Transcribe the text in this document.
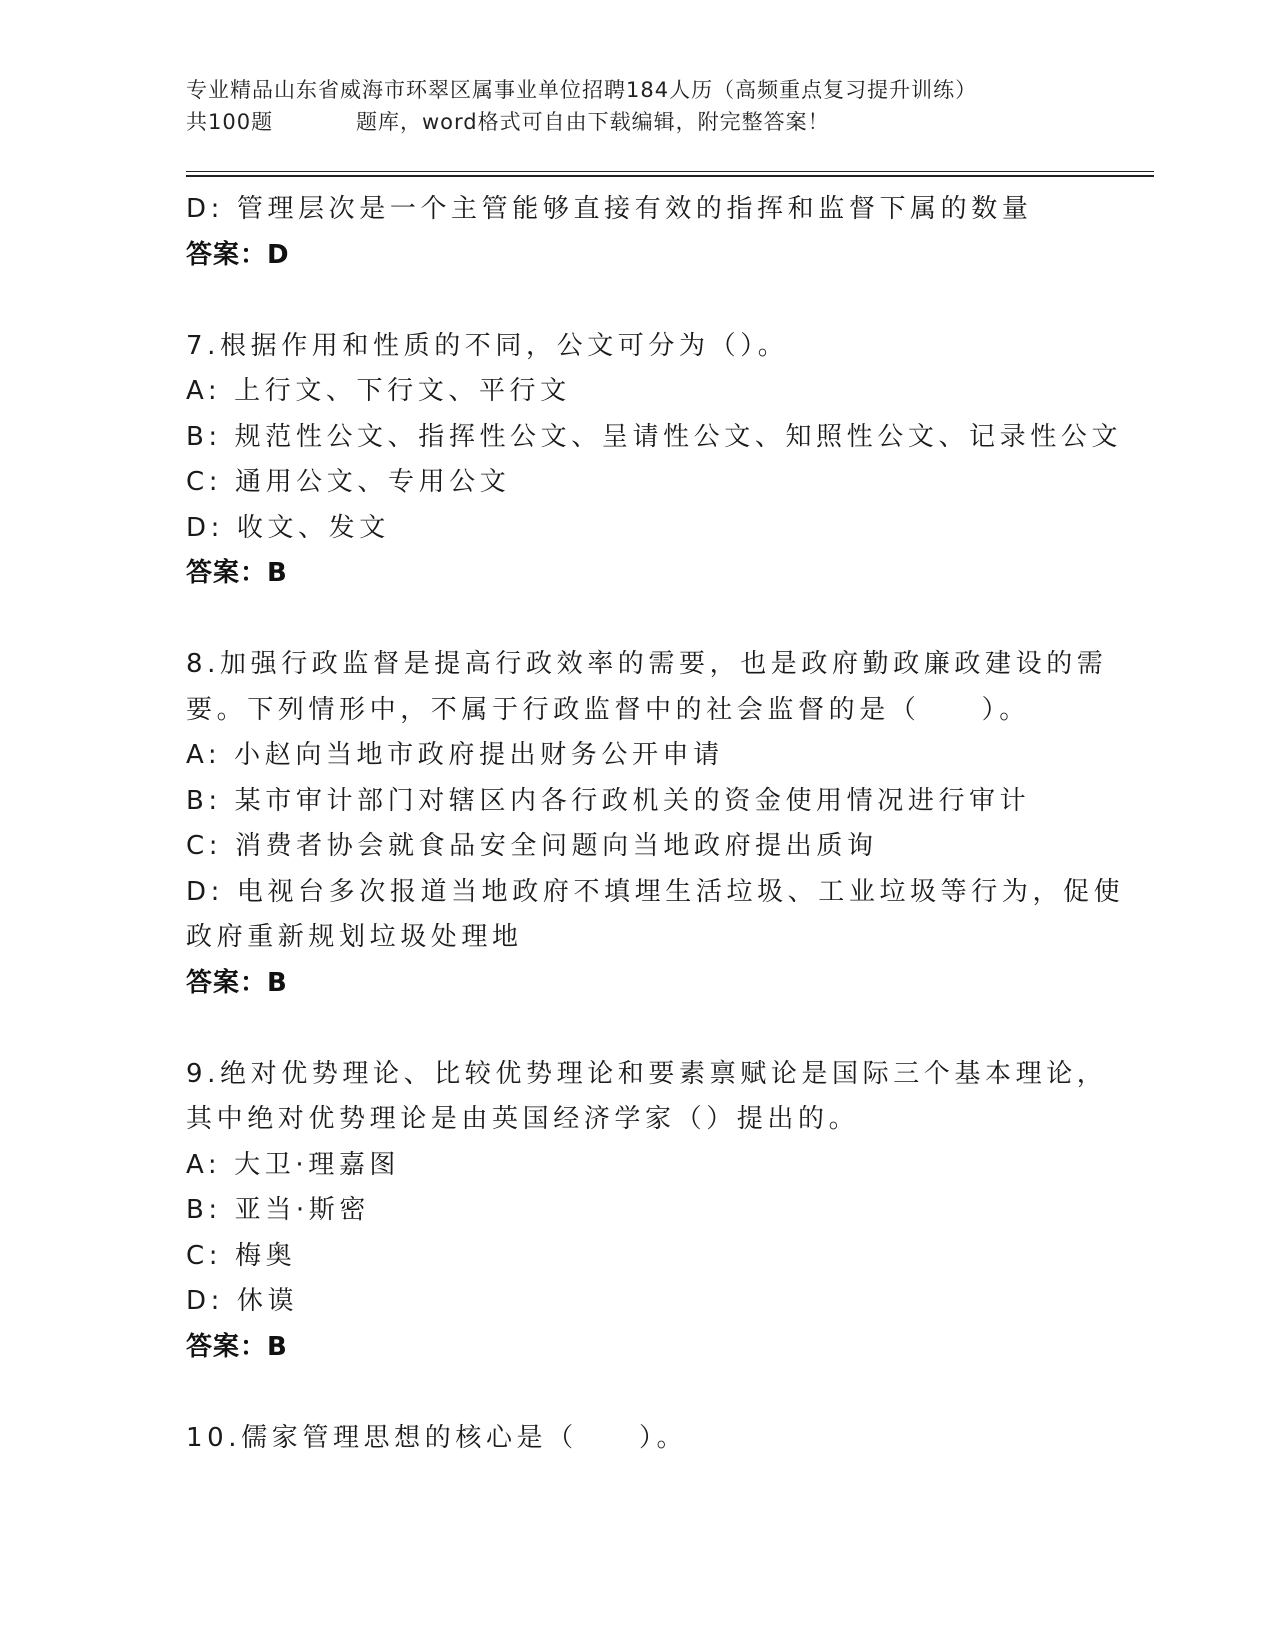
专业精品山东省威海市环翠区属事业单位招聘184人历（高频重点复习提升训练）
共100题	题库，word格式可自由下载编辑，附完整答案！
D: 管理层次是一个主管能够直接有效的指挥和监督下属的数量
答案：D
7.根据作用和性质的不同，公文可分为（）。
A: 上行文、下行文、平行文
B: 规范性公文、指挥性公文、呈请性公文、知照性公文、记录性公文
C: 通用公文、专用公文
D: 收文、发文
答案：B
8.加强行政监督是提高行政效率的需要，也是政府勤政廉政建设的需
要。下列情形中，不属于行政监督中的社会监督的是（　　）。
A: 小赵向当地市政府提出财务公开申请
B: 某市审计部门对辖区内各行政机关的资金使用情况进行审计
C: 消费者协会就食品安全问题向当地政府提出质询
D: 电视台多次报道当地政府不填埋生活垃圾、工业垃圾等行为，促使
政府重新规划垃圾处理地
答案：B
9.绝对优势理论、比较优势理论和要素禀赋论是国际三个基本理论，
其中绝对优势理论是由英国经济学家（）提出的。
A: 大卫·理嘉图
B: 亚当·斯密
C: 梅奥
D: 休谟
答案：B
10.儒家管理思想的核心是（　　）。
